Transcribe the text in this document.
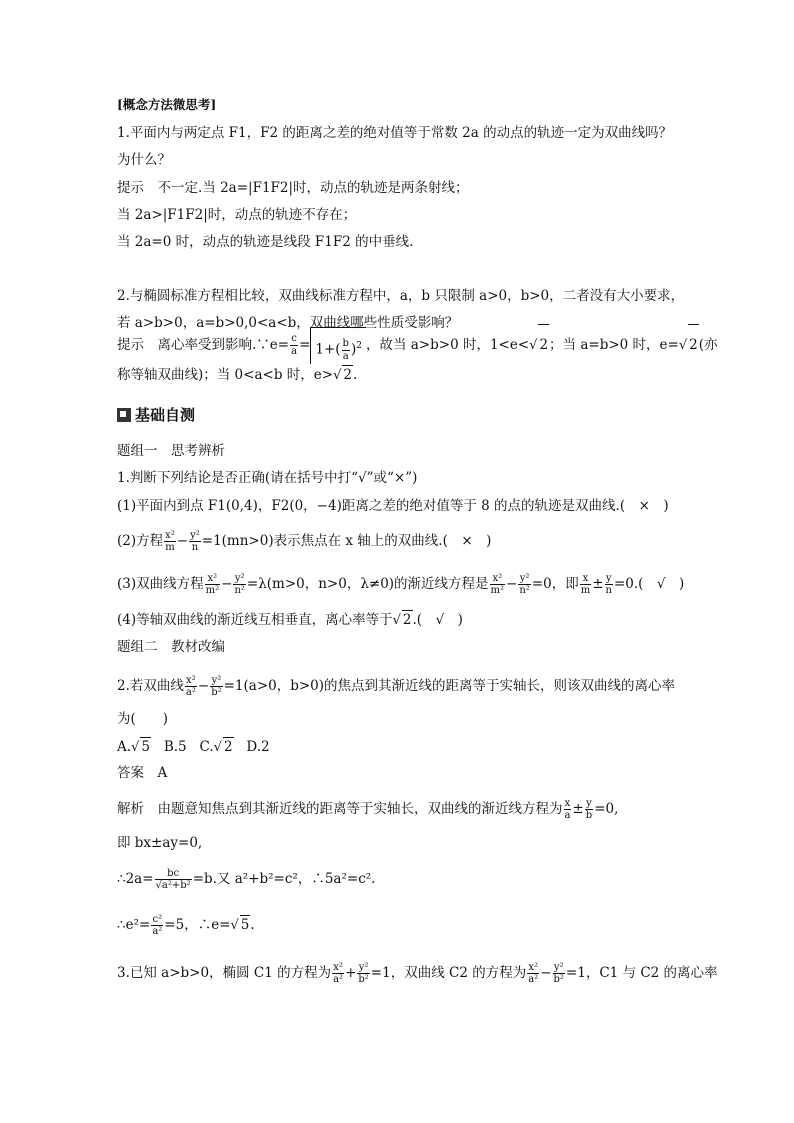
[概念方法微思考]
1.平面内与两定点 F1，F2 的距离之差的绝对值等于常数 2a 的动点的轨迹一定为双曲线吗？
为什么？
提示　不一定.当 2a=|F1F2|时，动点的轨迹是两条射线；
当 2a>|F1F2|时，动点的轨迹不存在；
当 2a=0 时，动点的轨迹是线段 F1F2 的中垂线.
2.与椭圆标准方程相比较，双曲线标准方程中，a，b 只限制 a>0，b>0，二者没有大小要求，
若 a>b>0，a=b>0,0<a<b，双曲线哪些性质受影响？
提示　离心率受到影响.∵e= $\frac{c}{a} = 1+( \frac{b}{a} )^2$ ，故当 a>b>0 时，1<e<√ 2；当 a=b>0 时，e=√ 2(亦
称等轴双曲线)；当 0<a<b 时，e>√ 2.
基础自测
题组一　思考辨析
1.判断下列结论是否正确(请在括号中打“√”或“×”)
(1)平面内到点 F1(0,4)，F2(0，−4)距离之差的绝对值等于 8 的点的轨迹是双曲线.(　×　)
(2)方程 $\frac{\text{x²}}{m} - \frac{\text{y²}}{n} =1(mn>0)$表示焦点在 x 轴上的双曲线.(　×　)
(3)双曲线方程 $\frac{\text{x²}}{\text{m²}} - \frac{\text{y²}}{\text{n²}} =\lambda(m>0$，n>0，λ≠0)的渐近线方程是 $\frac{\text{x²}}{\text{m²}} - \frac{\text{y²}}{\text{n²}} =0$，即 $\frac{x}{m} \pm \frac{y}{n} =0$.(　√　)
(4)等轴双曲线的渐近线互相垂直，离心率等于√ 2.(　√　)
题组二　教材改编
2.若双曲线 $\frac{\text{x²}}{\text{a²}} - \frac{\text{y²}}{\text{b²}} =1(a>0$，b>0)的焦点到其渐近线的距离等于实轴长，则该双曲线的离心率
为(　　)
A.√ 5 B.5 C.√ 2 D.2
答案　A
解析　由题意知焦点到其渐近线的距离等于实轴长，双曲线的渐近线方程为 $\frac{x}{a} \pm \frac{y}{b} =0$,
即 bx±ay=0,
∴2a= $\frac{bc}{\text{√a²+b²}} =b$.又 a²+b²=c²，∴5a²=c².
∴e²= $\frac{\text{c²}}{\text{a²}} =5$，∴e=√ 5.
3.已知 a>b>0，椭圆 C1 的方程为 $\frac{\text{x²}}{\text{a²}} + \frac{\text{y²}}{\text{b²}} =1$，双曲线 C2 的方程为 $\frac{\text{x²}}{\text{a²}} - \frac{\text{y²}}{\text{b²}} =1$，C1 与 C2 的离心率
